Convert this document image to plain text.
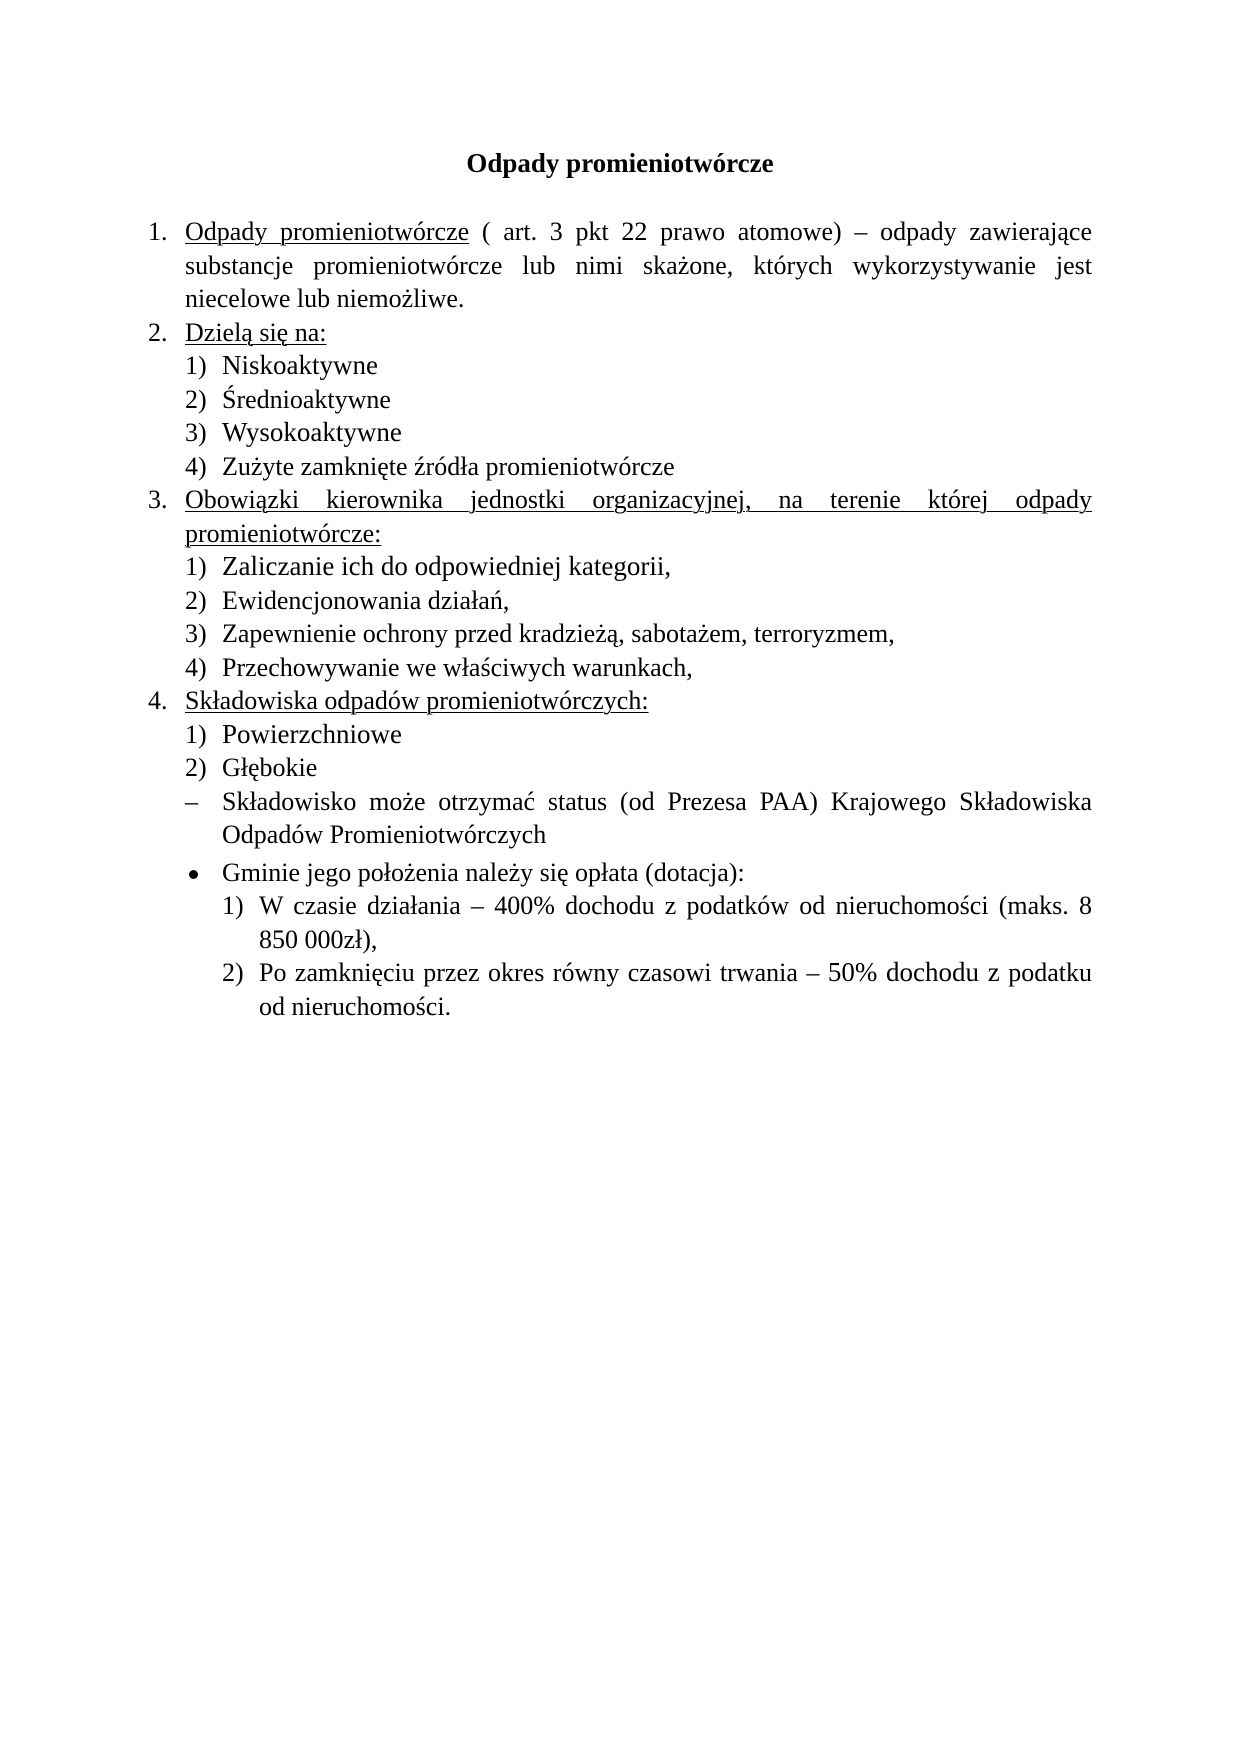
Odpady promieniotwórcze
1. Odpady promieniotwórcze ( art. 3 pkt 22 prawo atomowe) – odpady zawierające substancje promieniotwórcze lub nimi skażone, których wykorzystywanie jest niecelowe lub niemożliwe.
2. Dzielą się na:
1) Niskoaktywne
2) Średnioaktywne
3) Wysokoaktywne
4) Zużyte zamknięte źródła promieniotwórcze
3. Obowiązki kierownika jednostki organizacyjnej, na terenie której odpady promieniotwórcze:
1) Zaliczanie ich do odpowiedniej kategorii,
2) Ewidencjonowania działań,
3) Zapewnienie ochrony przed kradzieżą, sabotażem, terroryzmem,
4) Przechowywanie we właściwych warunkach,
4. Składowiska odpadów promieniotwórczych:
1) Powierzchniowe
2) Głębokie
– Składowisko może otrzymać status (od Prezesa PAA) Krajowego Składowiska Odpadów Promieniotwórczych
Gminie jego położenia należy się opłata (dotacja):
1) W czasie działania – 400% dochodu z podatków od nieruchomości (maks. 8 850 000zł),
2) Po zamknięciu przez okres równy czasowi trwania – 50% dochodu z podatku od nieruchomości.
